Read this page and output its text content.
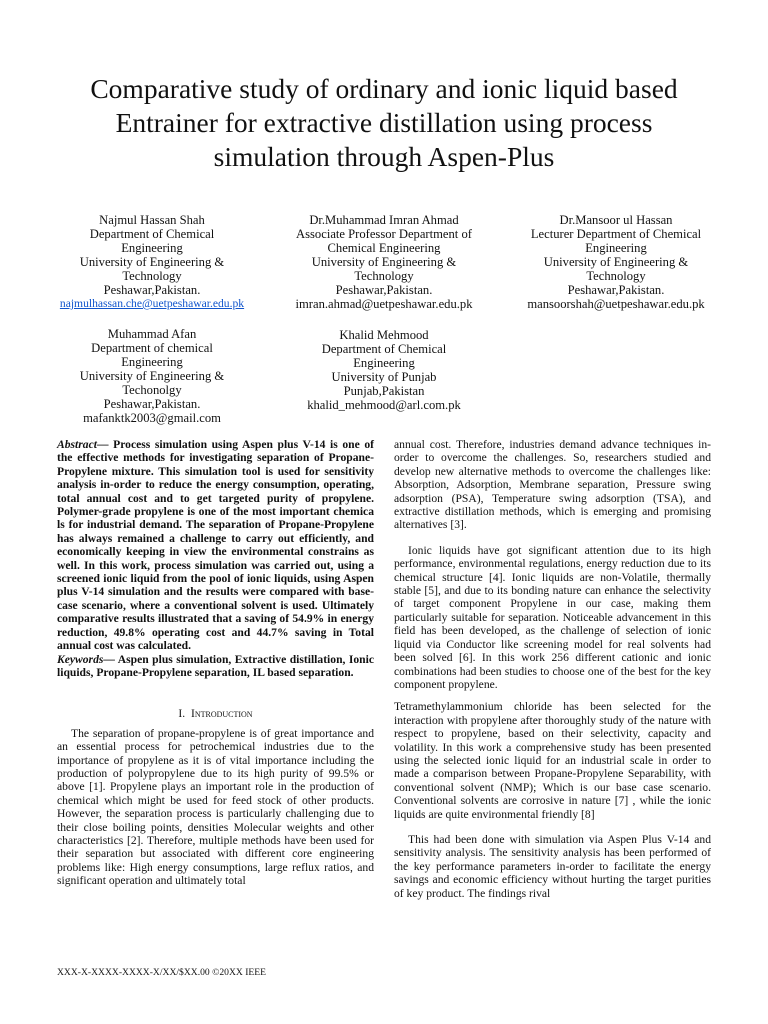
Comparative study of ordinary and ionic liquid based
Entrainer for extractive distillation using process
simulation through Aspen-Plus
Najmul Hassan Shah
Department of Chemical
Engineering
University of Engineering &
Technology
Peshawar,Pakistan.
najmulhassan.che@uetpeshawar.edu.pk
Dr.Muhammad Imran Ahmad
Associate Professor Department of
Chemical Engineering
University of Engineering &
Technology
Peshawar,Pakistan.
imran.ahmad@uetpeshawar.edu.pk
Dr.Mansoor ul Hassan
Lecturer Department of Chemical
Engineering
University of Engineering &
Technology
Peshawar,Pakistan.
mansoorshah@uetpeshawar.edu.pk
Muhammad Afan
Department of chemical
Engineering
University of Engineering &
Techonolgy
Peshawar,Pakistan.
mafanktk2003@gmail.com
Khalid Mehmood
Department of Chemical
Engineering
University of Punjab
Punjab,Pakistan
khalid_mehmood@arl.com.pk

Abstract— Process simulation using Aspen plus V-14 is one of the effective methods for investigating separation of Propane-Propylene mixture. This simulation tool is used for sensitivity analysis in-order to reduce the energy consumption, operating, total annual cost and to get targeted purity of propylene. Polymer-grade propylene is one of the most important chemica ls for industrial demand. The separation of Propane-Propylene has always remained a challenge to carry out efficiently, and economically keeping in view the environmental constrains as well. In this work, process simulation was carried out, using a screened ionic liquid from the pool of ionic liquids, using Aspen plus V-14 simulation and the results were compared with base-case scenario, where a conventional solvent is used. Ultimately comparative results illustrated that a saving of 54.9% in energy reduction, 49.8% operating cost and 44.7% saving in Total annual cost was calculated.

Keywords— Aspen plus simulation, Extractive distillation, Ionic liquids, Propane-Propylene separation, IL based separation.

I. Introduction

The separation of propane-propylene is of great importance and an essential process for petrochemical industries due to the importance of propylene as it is of vital importance including the production of polypropylene due to its high purity of 99.5% or above [1]. Propylene plays an important role in the production of chemical which might be used for feed stock of other products. However, the separation process is particularly challenging due to their close boiling points, densities Molecular weights and other characteristics [2]. Therefore, multiple methods have been used for their separation but associated with different core engineering problems like: High energy consumptions, large reflux ratios, and significant operation and ultimately total

annual cost. Therefore, industries demand advance techniques in-order to overcome the challenges. So, researchers studied and develop new alternative methods to overcome the challenges like: Absorption, Adsorption, Membrane separation, Pressure swing adsorption (PSA), Temperature swing adsorption (TSA), and extractive distillation methods, which is emerging and promising alternatives [3].

Ionic liquids have got significant attention due to its high performance, environmental regulations, energy reduction due to its chemical structure [4]. Ionic liquids are non-Volatile, thermally stable [5], and due to its bonding nature can enhance the selectivity of target component Propylene in our case, making them particularly suitable for separation. Noticeable advancement in this field has been developed, as the challenge of selection of ionic liquid via Conductor like screening model for real solvents had been solved [6]. In this work 256 different cationic and ionic combinations had been studies to choose one of the best for the key component propylene.

Tetramethylammonium chloride has been selected for the interaction with propylene after thoroughly study of the nature with respect to propylene, based on their selectivity, capacity and volatility. In this work a comprehensive study has been presented using the selected ionic liquid for an industrial scale in order to made a comparison between Propane-Propylene Separability, with conventional solvent (NMP); Which is our base case scenario. Conventional solvents are corrosive in nature [7] , while the ionic liquids are quite environmental friendly [8]

This had been done with simulation via Aspen Plus V-14 and sensitivity analysis. The sensitivity analysis has been performed of the key performance parameters in-order to facilitate the energy savings and economic efficiency without hurting the target purities of key product. The findings rival

XXX-X-XXXX-XXXX-X/XX/$XX.00 ©20XX IEEE
